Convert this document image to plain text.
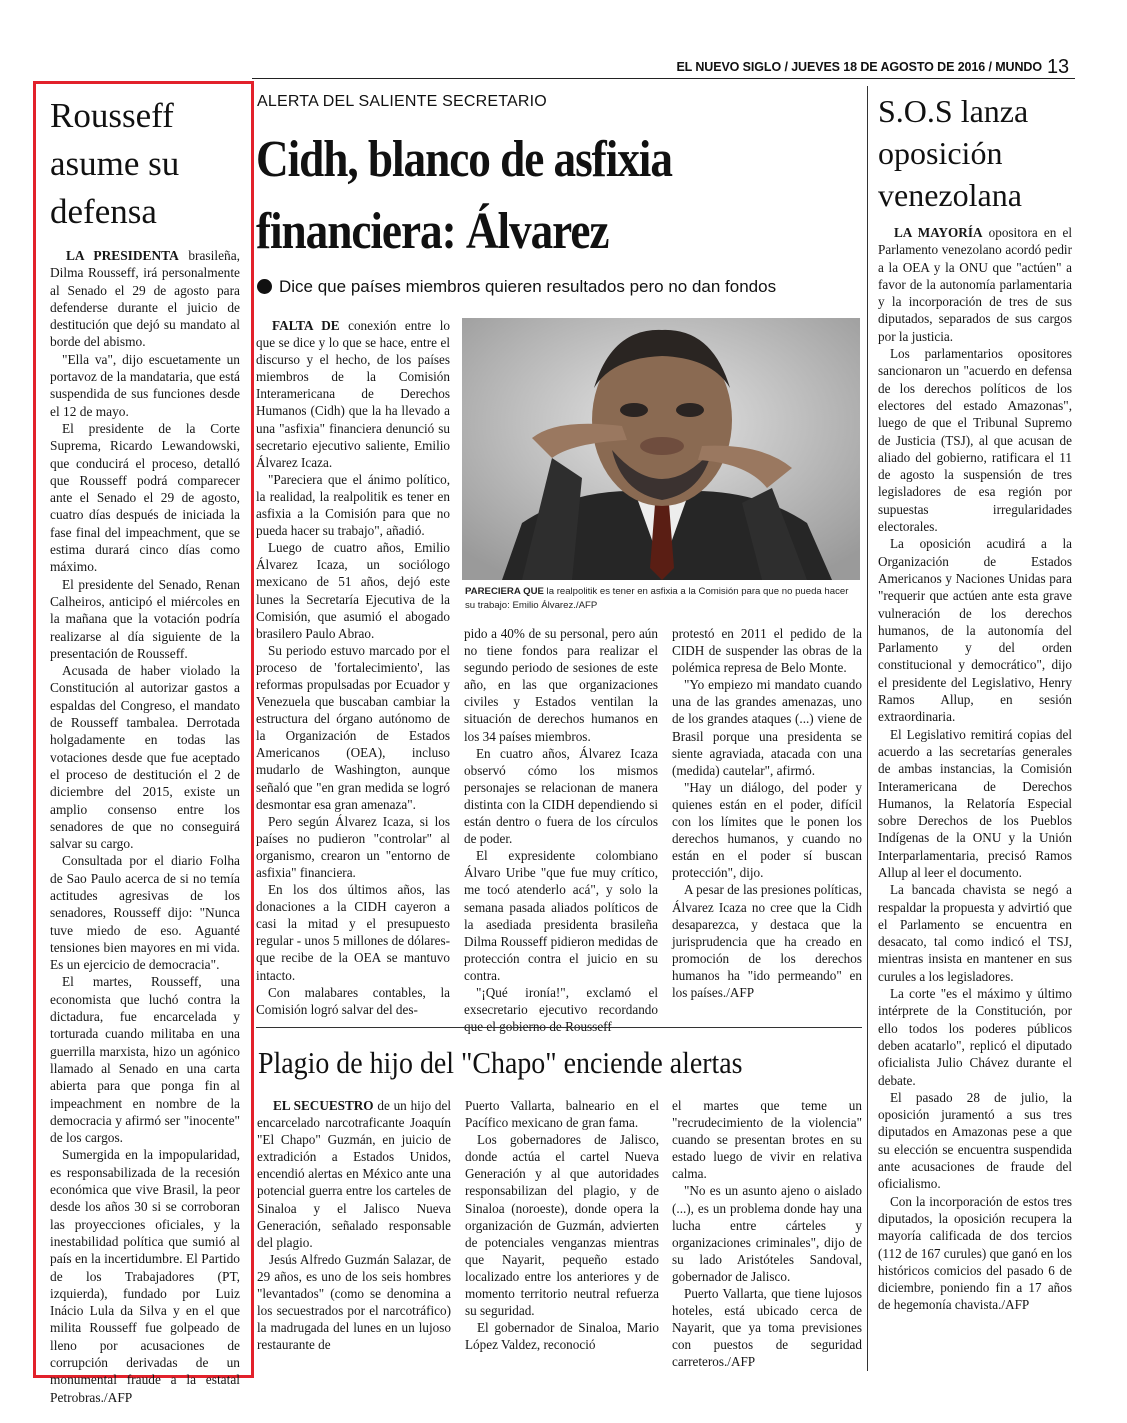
EL NUEVO SIGLO / JUEVES 18 DE AGOSTO DE 2016 / MUNDO 13
Rousseff asume su defensa

LA PRESIDENTA brasileña, Dilma Rousseff, irá personalmente al Senado el 29 de agosto para defenderse durante el juicio de destitución que dejó su mandato al borde del abismo.

"Ella va", dijo escuetamente un portavoz de la mandataria, que está suspendida de sus funciones desde el 12 de mayo.

El presidente de la Corte Suprema, Ricardo Lewandowski, que conducirá el proceso, detalló que Rousseff podrá comparecer ante el Senado el 29 de agosto, cuatro días después de iniciada la fase final del impeachment, que se estima durará cinco días como máximo.

El presidente del Senado, Renan Calheiros, anticipó el miércoles en la mañana que la votación podría realizarse al día siguiente de la presentación de Rousseff.

Acusada de haber violado la Constitución al autorizar gastos a espaldas del Congreso, el mandato de Rousseff tambalea. Derrotada holgadamente en todas las votaciones desde que fue aceptado el proceso de destitución el 2 de diciembre del 2015, existe un amplio consenso entre los senadores de que no conseguirá salvar su cargo.

Consultada por el diario Folha de Sao Paulo acerca de si no temía actitudes agresivas de los senadores, Rousseff dijo: "Nunca tuve miedo de eso. Aguanté tensiones bien mayores en mi vida. Es un ejercicio de democracia".

El martes, Rousseff, una economista que luchó contra la dictadura, fue encarcelada y torturada cuando militaba en una guerrilla marxista, hizo un agónico llamado al Senado en una carta abierta para que ponga fin al impeachment en nombre de la democracia y afirmó ser "inocente" de los cargos.

Sumergida en la impopularidad, es responsabilizada de la recesión económica que vive Brasil, la peor desde los años 30 si se corroboran las proyecciones oficiales, y la inestabilidad política que sumió al país en la incertidumbre. El Partido de los Trabajadores (PT, izquierda), fundado por Luiz Inácio Lula da Silva y en el que milita Rousseff fue golpeado de lleno por acusaciones de corrupción derivadas de un monumental fraude a la estatal Petrobras./AFP

ALERTA DEL SALIENTE SECRETARIO
Cidh, blanco de asfixia
financiera: Álvarez
Dice que países miembros quieren resultados pero no dan fondos

FALTA DE conexión entre lo que se dice y lo que se hace, entre el discurso y el hecho, de los países miembros de la Comisión Interamericana de Derechos Humanos (Cidh) que la ha llevado a una "asfixia" financiera denunció su secretario ejecutivo saliente, Emilio Álvarez Icaza.

"Pareciera que el ánimo político, la realidad, la realpolitik es tener en asfixia a la Comisión para que no pueda hacer su trabajo", añadió.

Luego de cuatro años, Emilio Álvarez Icaza, un sociólogo mexicano de 51 años, dejó este lunes la Secretaría Ejecutiva de la Comisión, que asumió el abogado brasilero Paulo Abrao.

Su periodo estuvo marcado por el proceso de 'fortalecimiento', las reformas propulsadas por Ecuador y Venezuela que buscaban cambiar la estructura del órgano autónomo de la Organización de Estados Americanos (OEA), incluso mudarlo de Washington, aunque señaló que "en gran medida se logró desmontar esa gran amenaza".

Pero según Álvarez Icaza, si los países no pudieron "controlar" al organismo, crearon un "entorno de asfixia" financiera.

En los dos últimos años, las donaciones a la CIDH cayeron a casi la mitad y el presupuesto regular - unos 5 millones de dólares- que recibe de la OEA se mantuvo intacto.

Con malabares contables, la Comisión logró salvar del des-

PARECIERA QUE la realpolitik es tener en asfixia a la Comisión para que no pueda hacer su trabajo: Emilio Álvarez./AFP

pido a 40% de su personal, pero aún no tiene fondos para realizar el segundo periodo de sesiones de este año, en las que organizaciones civiles y Estados ventilan la situación de derechos humanos en los 34 países miembros.

En cuatro años, Álvarez Icaza observó cómo los mismos personajes se relacionan de manera distinta con la CIDH dependiendo si están dentro o fuera de los círculos de poder.

El expresidente colombiano Álvaro Uribe "que fue muy crítico, me tocó atenderlo acá", y solo la semana pasada aliados políticos de la asediada presidenta brasileña Dilma Rousseff pidieron medidas de protección contra el juicio en su contra.

"¡Qué ironía!", exclamó el exsecretario ejecutivo recordando que el gobierno de Rousseff

protestó en 2011 el pedido de la CIDH de suspender las obras de la polémica represa de Belo Monte.

"Yo empiezo mi mandato cuando una de las grandes amenazas, uno de los grandes ataques (...) viene de Brasil porque una presidenta se siente agraviada, atacada con una (medida) cautelar", afirmó.

"Hay un diálogo, del poder y quienes están en el poder, difícil con los límites que le ponen los derechos humanos, y cuando no están en el poder sí buscan protección", dijo.

A pesar de las presiones políticas, Álvarez Icaza no cree que la Cidh desaparezca, y destaca que la jurisprudencia que ha creado en promoción de los derechos humanos ha "ido permeando" en los países./AFP

Plagio de hijo del "Chapo" enciende alertas

EL SECUESTRO de un hijo del encarcelado narcotraficante Joaquín "El Chapo" Guzmán, en juicio de extradición a Estados Unidos, encendió alertas en México ante una potencial guerra entre los carteles de Sinaloa y el Jalisco Nueva Generación, señalado responsable del plagio.

Jesús Alfredo Guzmán Salazar, de 29 años, es uno de los seis hombres "levantados" (como se denomina a los secuestrados por el narcotráfico) la madrugada del lunes en un lujoso restaurante de

Puerto Vallarta, balneario en el Pacífico mexicano de gran fama.

Los gobernadores de Jalisco, donde actúa el cartel Nueva Generación y al que autoridades responsabilizan del plagio, y de Sinaloa (noroeste), donde opera la organización de Guzmán, advierten de potenciales venganzas mientras que Nayarit, pequeño estado localizado entre los anteriores y de momento territorio neutral refuerza su seguridad.

El gobernador de Sinaloa, Mario López Valdez, reconoció

el martes que teme un "recrudecimiento de la violencia" cuando se presentan brotes en su estado luego de vivir en relativa calma.

"No es un asunto ajeno o aislado (...), es un problema donde hay una lucha entre cárteles y organizaciones criminales", dijo de su lado Aristóteles Sandoval, gobernador de Jalisco.

Puerto Vallarta, que tiene lujosos hoteles, está ubicado cerca de Nayarit, que ya toma previsiones con puestos de seguridad carreteros./AFP

S.O.S lanza oposición venezolana

LA MAYORÍA opositora en el Parlamento venezolano acordó pedir a la OEA y la ONU que "actúen" a favor de la autonomía parlamentaria y la incorporación de tres de sus diputados, separados de sus cargos por la justicia.

Los parlamentarios opositores sancionaron un "acuerdo en defensa de los derechos políticos de los electores del estado Amazonas", luego de que el Tribunal Supremo de Justicia (TSJ), al que acusan de aliado del gobierno, ratificara el 11 de agosto la suspensión de tres legisladores de esa región por supuestas irregularidades electorales.

La oposición acudirá a la Organización de Estados Americanos y Naciones Unidas para "requerir que actúen ante esta grave vulneración de los derechos humanos, de la autonomía del Parlamento y del orden constitucional y democrático", dijo el presidente del Legislativo, Henry Ramos Allup, en sesión extraordinaria.

El Legislativo remitirá copias del acuerdo a las secretarías generales de ambas instancias, la Comisión Interamericana de Derechos Humanos, la Relatoría Especial sobre Derechos de los Pueblos Indígenas de la ONU y la Unión Interparlamentaria, precisó Ramos Allup al leer el documento.

La bancada chavista se negó a respaldar la propuesta y advirtió que el Parlamento se encuentra en desacato, tal como indicó el TSJ, mientras insista en mantener en sus curules a los legisladores.

La corte "es el máximo y último intérprete de la Constitución, por ello todos los poderes públicos deben acatarlo", replicó el diputado oficialista Julio Chávez durante el debate.

El pasado 28 de julio, la oposición juramentó a sus tres diputados en Amazonas pese a que su elección se encuentra suspendida ante acusaciones de fraude del oficialismo.

Con la incorporación de estos tres diputados, la oposición recupera la mayoría calificada de dos tercios (112 de 167 curules) que ganó en los históricos comicios del pasado 6 de diciembre, poniendo fin a 17 años de hegemonía chavista./AFP
